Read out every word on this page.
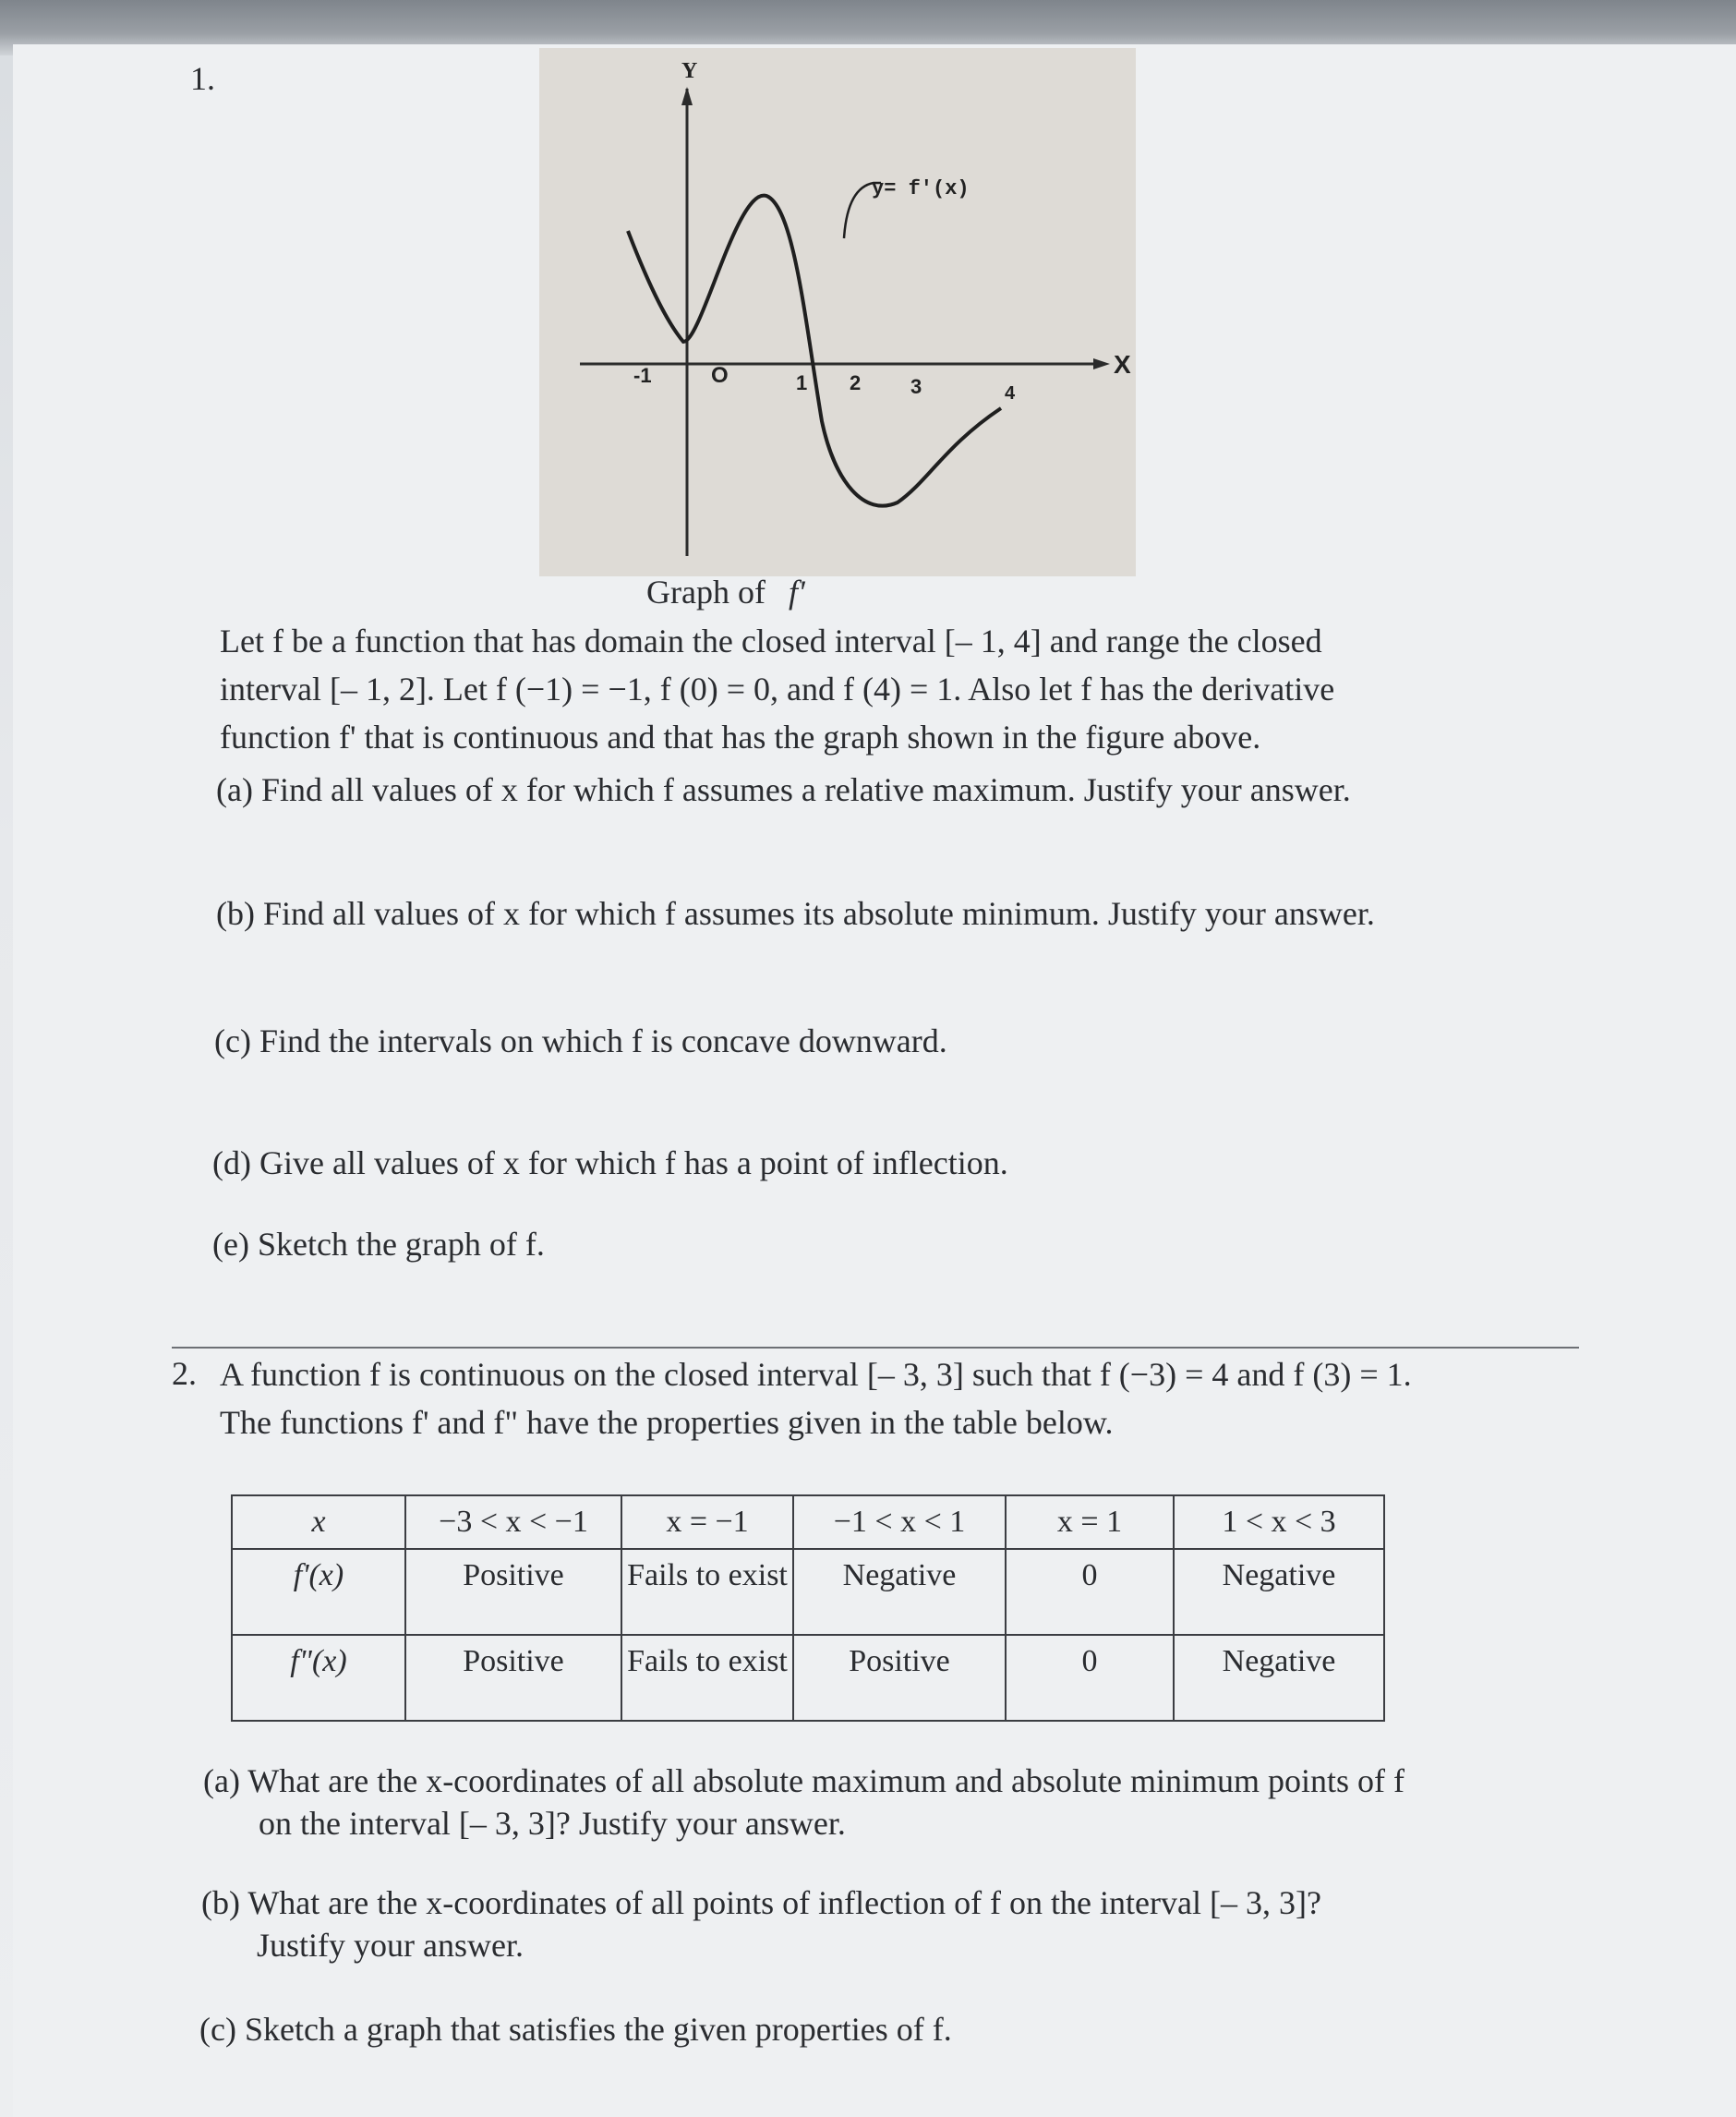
1.	Y
X
y= f'(x)
-1	O	1 2 3	4
Graph of f'
Let f be a function that has domain the closed interval [– 1, 4] and range the closed
interval [– 1, 2]. Let f (−1) = −1, f (0) = 0, and f (4) = 1. Also let f has the derivative
function f' that is continuous and that has the graph shown in the figure above.
(a) Find all values of x for which f assumes a relative maximum. Justify your answer.
(b) Find all values of x for which f assumes its absolute minimum. Justify your answer.
(c) Find the intervals on which f is concave downward.
(d) Give all values of x for which f has a point of inflection.
(e) Sketch the graph of f.
2. A function f is continuous on the closed interval [– 3, 3] such that f (−3) = 4 and f (3) = 1.
The functions f' and f" have the properties given in the table below.
x	−3 < x < −1	x = −1	−1 < x < 1	x = 1	1 < x < 3
f'(x)	Positive	Fails to exist	Negative	0	Negative
f"(x)	Positive	Fails to exist	Positive	0	Negative
(a) What are the x-coordinates of all absolute maximum and absolute minimum points of f
on the interval [– 3, 3]? Justify your answer.
(b) What are the x-coordinates of all points of inflection of f on the interval [– 3, 3]?
Justify your answer.
(c) Sketch a graph that satisfies the given properties of f.
